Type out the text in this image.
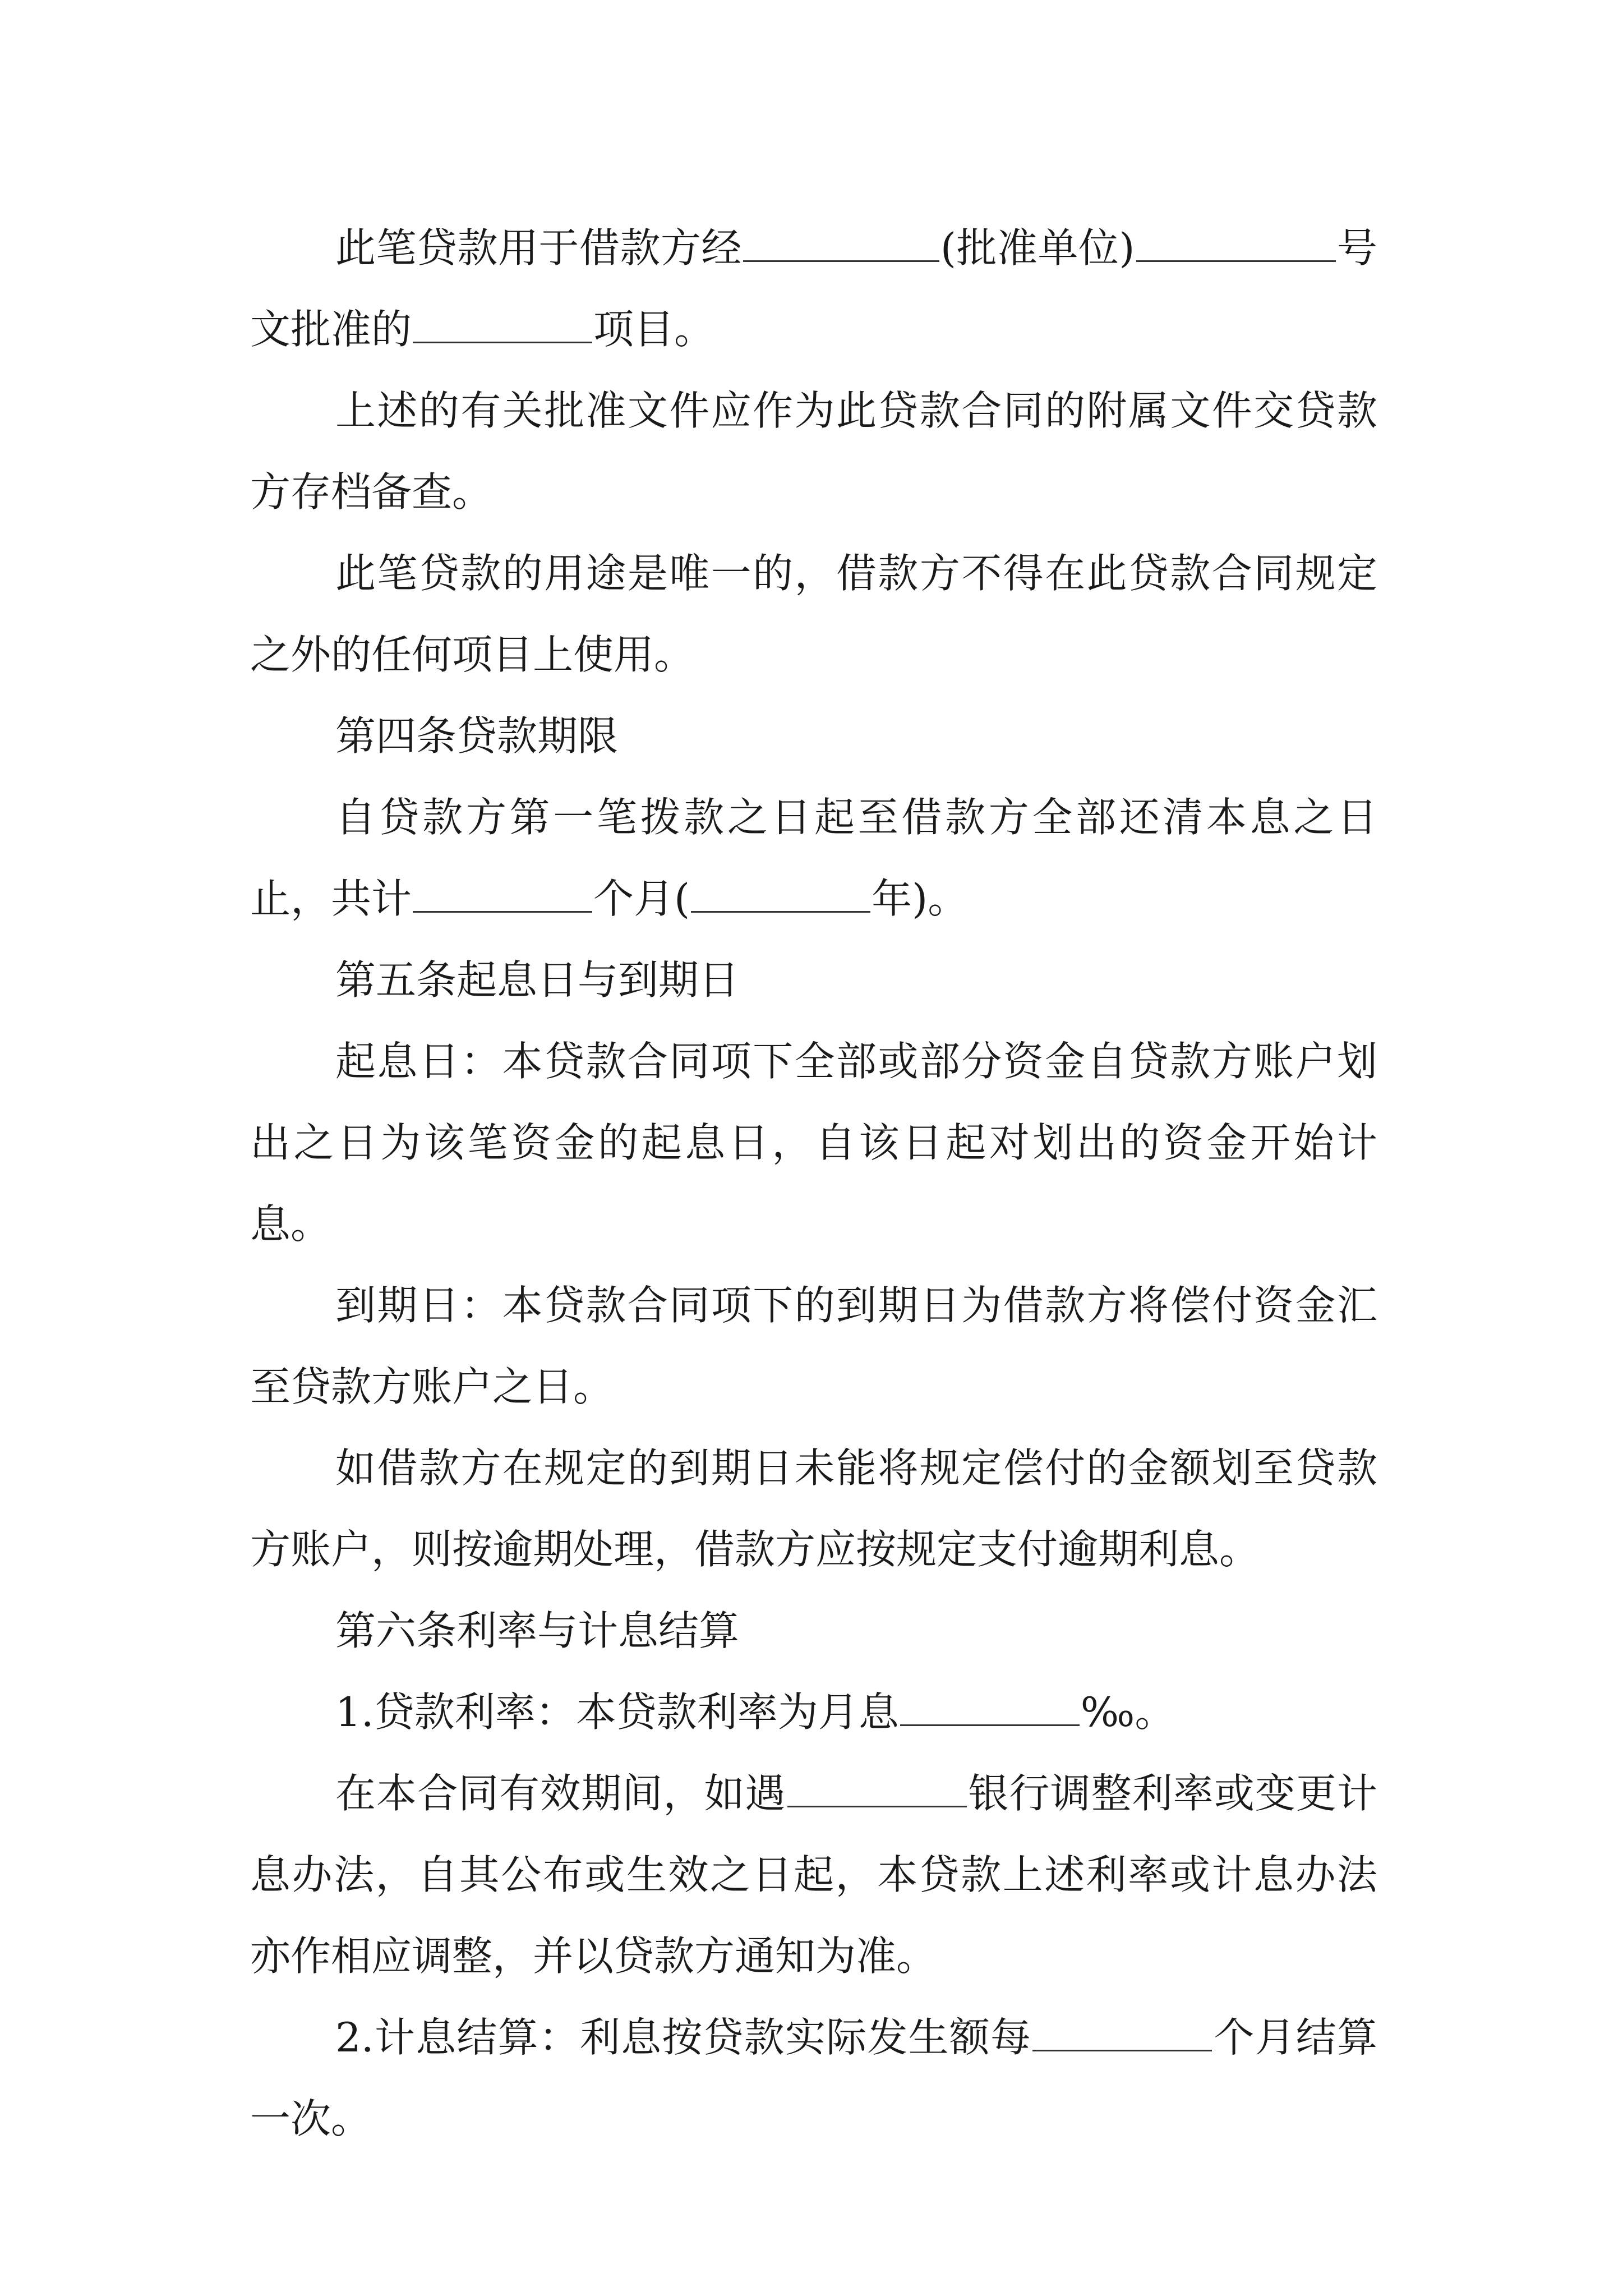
此笔贷款用于借款方经	(批准单位)	号文批准的	项目。

上述的有关批准文件应作为此贷款合同的附属文件交贷款方存档备查。

此笔贷款的用途是唯一的，借款方不得在此贷款合同规定之外的任何项目上使用。

第四条贷款期限

自贷款方第一笔拨款之日起至借款方全部还清本息之日止，共计	个月(	年)。

第五条起息日与到期日

起息日：本贷款合同项下全部或部分资金自贷款方账户划出之日为该笔资金的起息日，自该日起对划出的资金开始计息。

到期日：本贷款合同项下的到期日为借款方将偿付资金汇至贷款方账户之日。

如借款方在规定的到期日未能将规定偿付的金额划至贷款方账户，则按逾期处理，借款方应按规定支付逾期利息。

第六条利率与计息结算

1.贷款利率：本贷款利率为月息	‰。

在本合同有效期间，如遇	银行调整利率或变更计息办法，自其公布或生效之日起，本贷款上述利率或计息办法亦作相应调整，并以贷款方通知为准。

2.计息结算：利息按贷款实际发生额每	个月结算一次。
